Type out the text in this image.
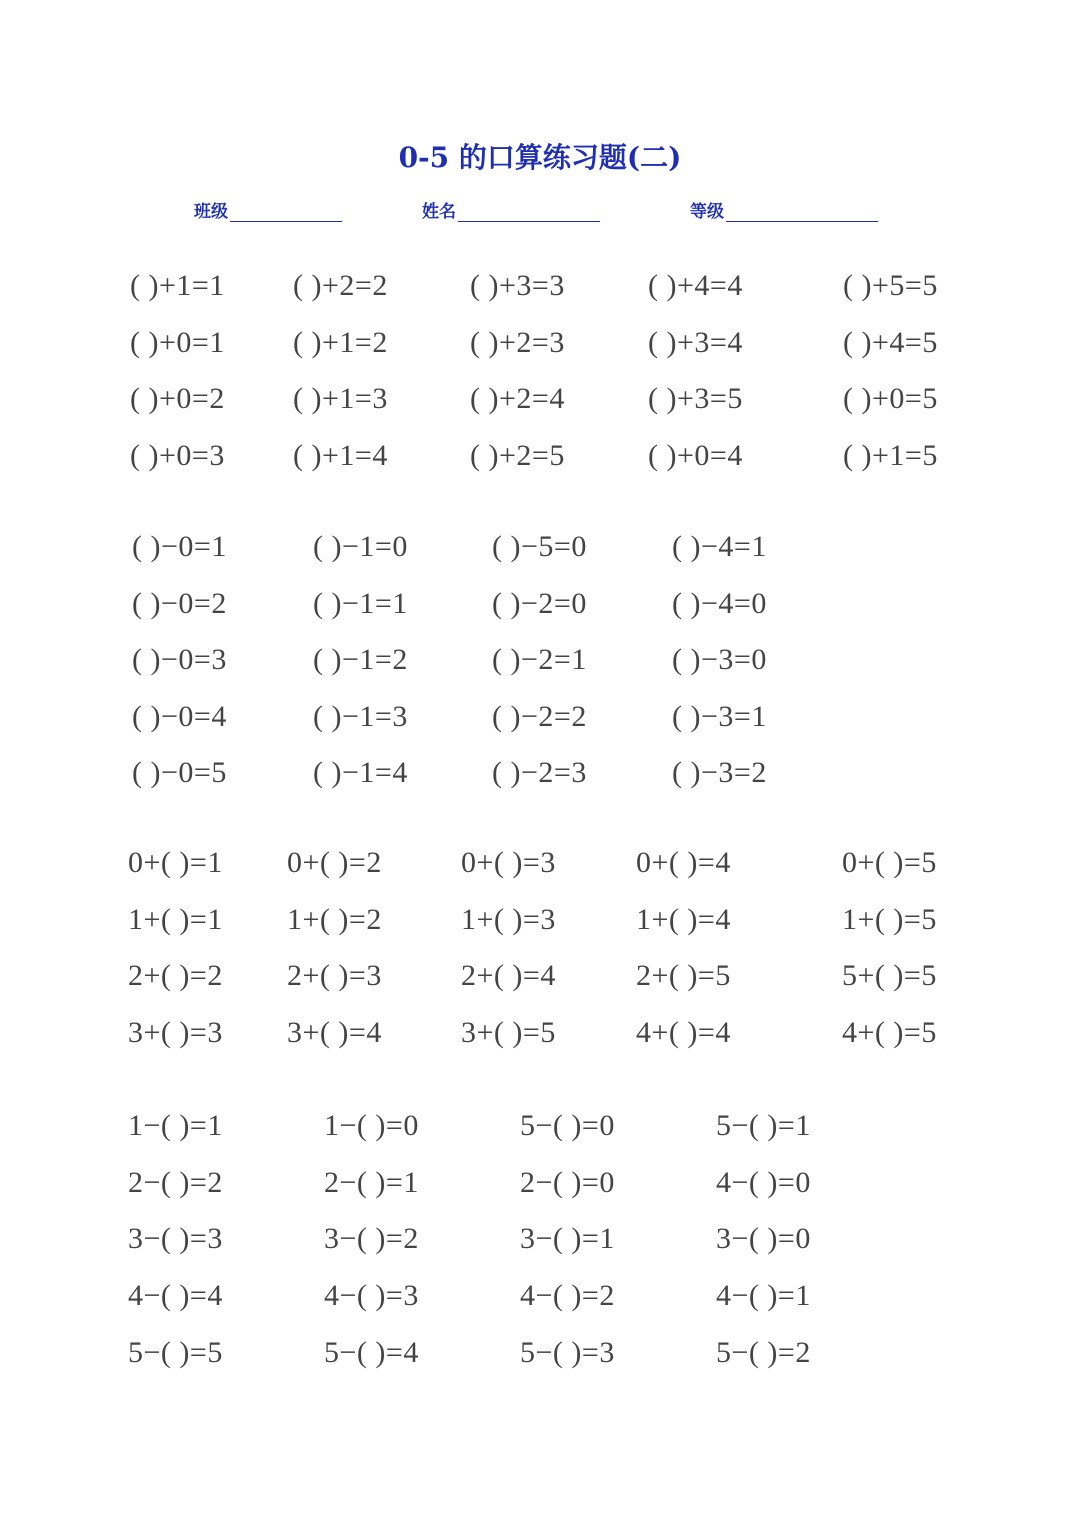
0-5 的口算练习题(二)
班级	姓名	等级
( )+1=1 ( )+2=2	( )+3=3	( )+4=4	( )+5=5
( )+0=1 ( )+1=2	( )+2=3	( )+3=4	( )+4=5
( )+0=2 ( )+1=3	( )+2=4	( )+3=5	( )+0=5
( )+0=3 ( )+1=4	( )+2=5	( )+0=4	( )+1=5
( )−0=1	( )−1=0	( )−5=0	( )−4=1
( )−0=2	( )−1=1	( )−2=0	( )−4=0
( )−0=3	( )−1=2	( )−2=1	( )−3=0
( )−0=4	( )−1=3	( )−2=2	( )−3=1
( )−0=5	( )−1=4	( )−2=3	( )−3=2
0+( )=1 0+( )=2	0+( )=3	0+( )=4	0+( )=5
1+( )=1 1+( )=2	1+( )=3	1+( )=4	1+( )=5
2+( )=2 2+( )=3	2+( )=4	2+( )=5	5+( )=5
3+( )=3 3+( )=4	3+( )=5	4+( )=4	4+( )=5
1−( )=1	1−( )=0	5−( )=0	5−( )=1
2−( )=2	2−( )=1	2−( )=0	4−( )=0
3−( )=3	3−( )=2	3−( )=1	3−( )=0
4−( )=4	4−( )=3	4−( )=2	4−( )=1
5−( )=5	5−( )=4	5−( )=3	5−( )=2
